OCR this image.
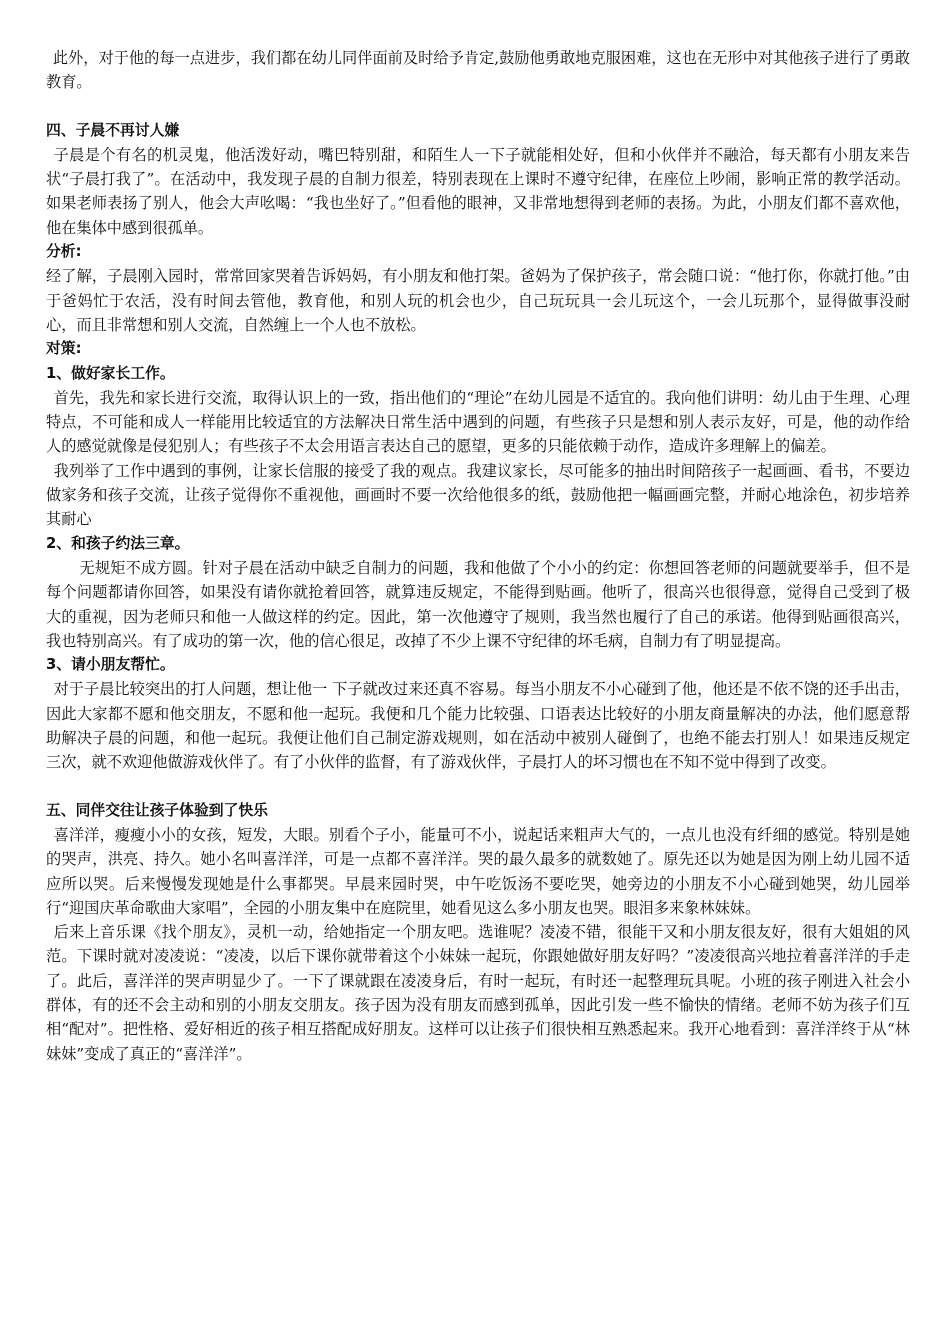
此外，对于他的每一点进步，我们都在幼儿同伴面前及时给予肯定,鼓励他勇敢地克服困难，这也在无形中对其他孩子进行了勇敢教育。

四、子晨不再讨人嫌

子晨是个有名的机灵鬼，他活泼好动，嘴巴特别甜，和陌生人一下子就能相处好，但和小伙伴并不融洽，每天都有小朋友来告状“子晨打我了”。在活动中，我发现子晨的自制力很差，特别表现在上课时不遵守纪律，在座位上吵闹，影响正常的教学活动。如果老师表扬了别人，他会大声吆喝：“我也坐好了。”但看他的眼神，又非常地想得到老师的表扬。为此，小朋友们都不喜欢他，他在集体中感到很孤单。

分析:

经了解，子晨刚入园时，常常回家哭着告诉妈妈，有小朋友和他打架。爸妈为了保护孩子，常会随口说：“他打你，你就打他。”由于爸妈忙于农活，没有时间去管他，教育他，和别人玩的机会也少，自己玩玩具一会儿玩这个，一会儿玩那个，显得做事没耐心，而且非常想和别人交流，自然缠上一个人也不放松。

对策:

1、做好家长工作。

首先，我先和家长进行交流，取得认识上的一致，指出他们的“理论”在幼儿园是不适宜的。我向他们讲明：幼儿由于生理、心理特点，不可能和成人一样能用比较适宜的方法解决日常生活中遇到的问题，有些孩子只是想和别人表示友好，可是，他的动作给人的感觉就像是侵犯别人；有些孩子不太会用语言表达自己的愿望，更多的只能依赖于动作，造成许多理解上的偏差。

我列举了工作中遇到的事例，让家长信服的接受了我的观点。我建议家长，尽可能多的抽出时间陪孩子一起画画、看书，不要边做家务和孩子交流，让孩子觉得你不重视他，画画时不要一次给他很多的纸，鼓励他把一幅画画完整，并耐心地涂色，初步培养其耐心

2、和孩子约法三章。

无规矩不成方圆。针对子晨在活动中缺乏自制力的问题，我和他做了个小小的约定：你想回答老师的问题就要举手，但不是每个问题都请你回答，如果没有请你就抢着回答，就算违反规定，不能得到贴画。他听了，很高兴也很得意，觉得自己受到了极大的重视，因为老师只和他一人做这样的约定。因此，第一次他遵守了规则，我当然也履行了自己的承诺。他得到贴画很高兴，我也特别高兴。有了成功的第一次，他的信心很足，改掉了不少上课不守纪律的坏毛病，自制力有了明显提高。

3、请小朋友帮忙。

对于子晨比较突出的打人问题，想让他一 下子就改过来还真不容易。每当小朋友不小心碰到了他，他还是不依不饶的还手出击，因此大家都不愿和他交朋友，不愿和他一起玩。我便和几个能力比较强、口语表达比较好的小朋友商量解决的办法，他们愿意帮助解决子晨的问题，和他一起玩。我便让他们自己制定游戏规则，如在活动中被别人碰倒了，也绝不能去打别人！如果违反规定三次，就不欢迎他做游戏伙伴了。有了小伙伴的监督，有了游戏伙伴，子晨打人的坏习惯也在不知不觉中得到了改变。

五、同伴交往让孩子体验到了快乐

喜洋洋，瘦瘦小小的女孩，短发，大眼。别看个子小，能量可不小，说起话来粗声大气的，一点儿也没有纤细的感觉。特别是她的哭声，洪亮、持久。她小名叫喜洋洋，可是一点都不喜洋洋。哭的最久最多的就数她了。原先还以为她是因为刚上幼儿园不适应所以哭。后来慢慢发现她是什么事都哭。早晨来园时哭，中午吃饭汤不要吃哭，她旁边的小朋友不小心碰到她哭，幼儿园举行“迎国庆革命歌曲大家唱”，全园的小朋友集中在庭院里，她看见这么多小朋友也哭。眼泪多来象林妹妹。

后来上音乐课《找个朋友》，灵机一动，给她指定一个朋友吧。选谁呢？凌凌不错，很能干又和小朋友很友好，很有大姐姐的风范。下课时就对凌凌说：“凌凌，以后下课你就带着这个小妹妹一起玩，你跟她做好朋友好吗？”凌凌很高兴地拉着喜洋洋的手走了。此后，喜洋洋的哭声明显少了。一下了课就跟在凌凌身后，有时一起玩，有时还一起整理玩具呢。小班的孩子刚进入社会小群体，有的还不会主动和别的小朋友交朋友。孩子因为没有朋友而感到孤单，因此引发一些不愉快的情绪。老师不妨为孩子们互相“配对”。把性格、爱好相近的孩子相互搭配成好朋友。这样可以让孩子们很快相互熟悉起来。我开心地看到：喜洋洋终于从“林妹妹”变成了真正的“喜洋洋”。
